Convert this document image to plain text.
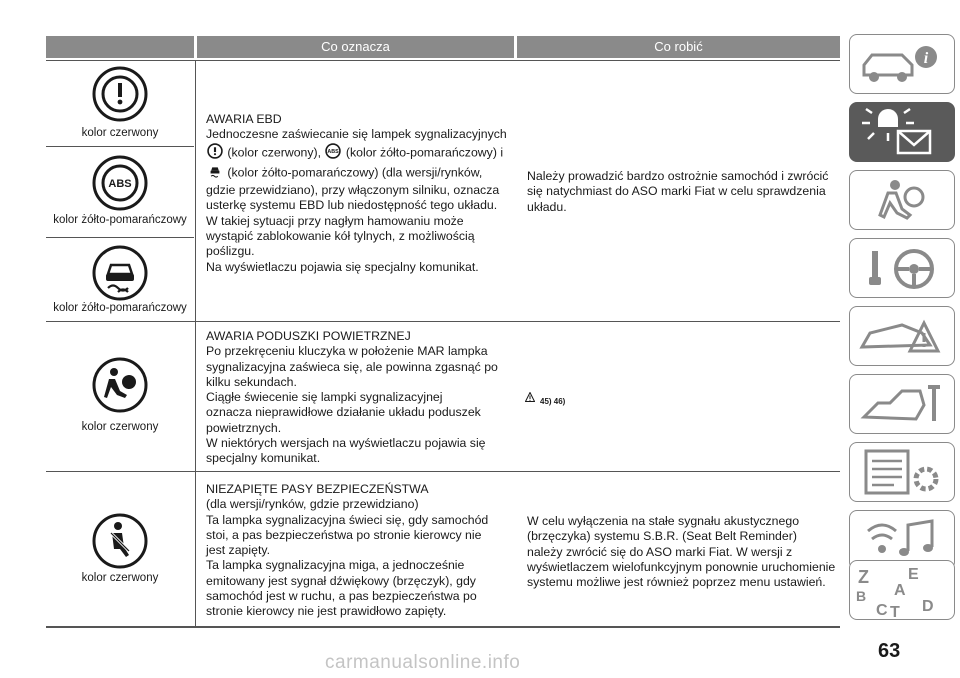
Co oznacza	Co robić
kolor czerwony
ABS
kolor żółto-pomarańczowy
kolor żółto-pomarańczowy
AWARIA EBD
Jednoczesne zaświecanie się lampek sygnalizacyjnych
(kolor czerwony), ABS (kolor żółto-pomarańczowy) i
(kolor żółto-pomarańczowy) (dla wersji/rynków,
gdzie przewidziano), przy włączonym silniku, oznacza
usterkę systemu EBD lub niedostępność tego układu.
W takiej sytuacji przy nagłym hamowaniu może
wystąpić zablokowanie kół tylnych, z możliwością
poślizgu.
Na wyświetlaczu pojawia się specjalny komunikat.
Należy prowadzić bardzo ostrożnie samochód i zwrócić
się natychmiast do ASO marki Fiat w celu sprawdzenia
układu.
kolor czerwony
AWARIA PODUSZKI POWIETRZNEJ
Po przekręceniu kluczyka w położenie MAR lampka
sygnalizacyjna zaświeca się, ale powinna zgasnąć po
kilku sekundach.
Ciągłe świecenie się lampki sygnalizacyjnej
oznacza nieprawidłowe działanie układu poduszek
powietrznych.
W niektórych wersjach na wyświetlaczu pojawia się
specjalny komunikat.
45) 46)
kolor czerwony
NIEZAPIĘTE PASY BEZPIECZEŃSTWA
(dla wersji/rynków, gdzie przewidziano)
Ta lampka sygnalizacyjna świeci się, gdy samochód
stoi, a pas bezpieczeństwa po stronie kierowcy nie
jest zapięty.
Ta lampka sygnalizacyjna miga, a jednocześnie
emitowany jest sygnał dźwiękowy (brzęczyk), gdy
samochód jest w ruchu, a pas bezpieczeństwa po
stronie kierowcy nie jest prawidłowo zapięty.
W celu wyłączenia na stałe sygnału akustycznego
(brzęczyka) systemu S.B.R. (Seat Belt Reminder)
należy zwrócić się do ASO marki Fiat. W wersji z
wyświetlaczem wielofunkcyjnym ponownie uruchomienie
systemu możliwe jest również poprzez menu ustawień.
i
Z E
A
B
C T D
63
carmanualsonline.info
